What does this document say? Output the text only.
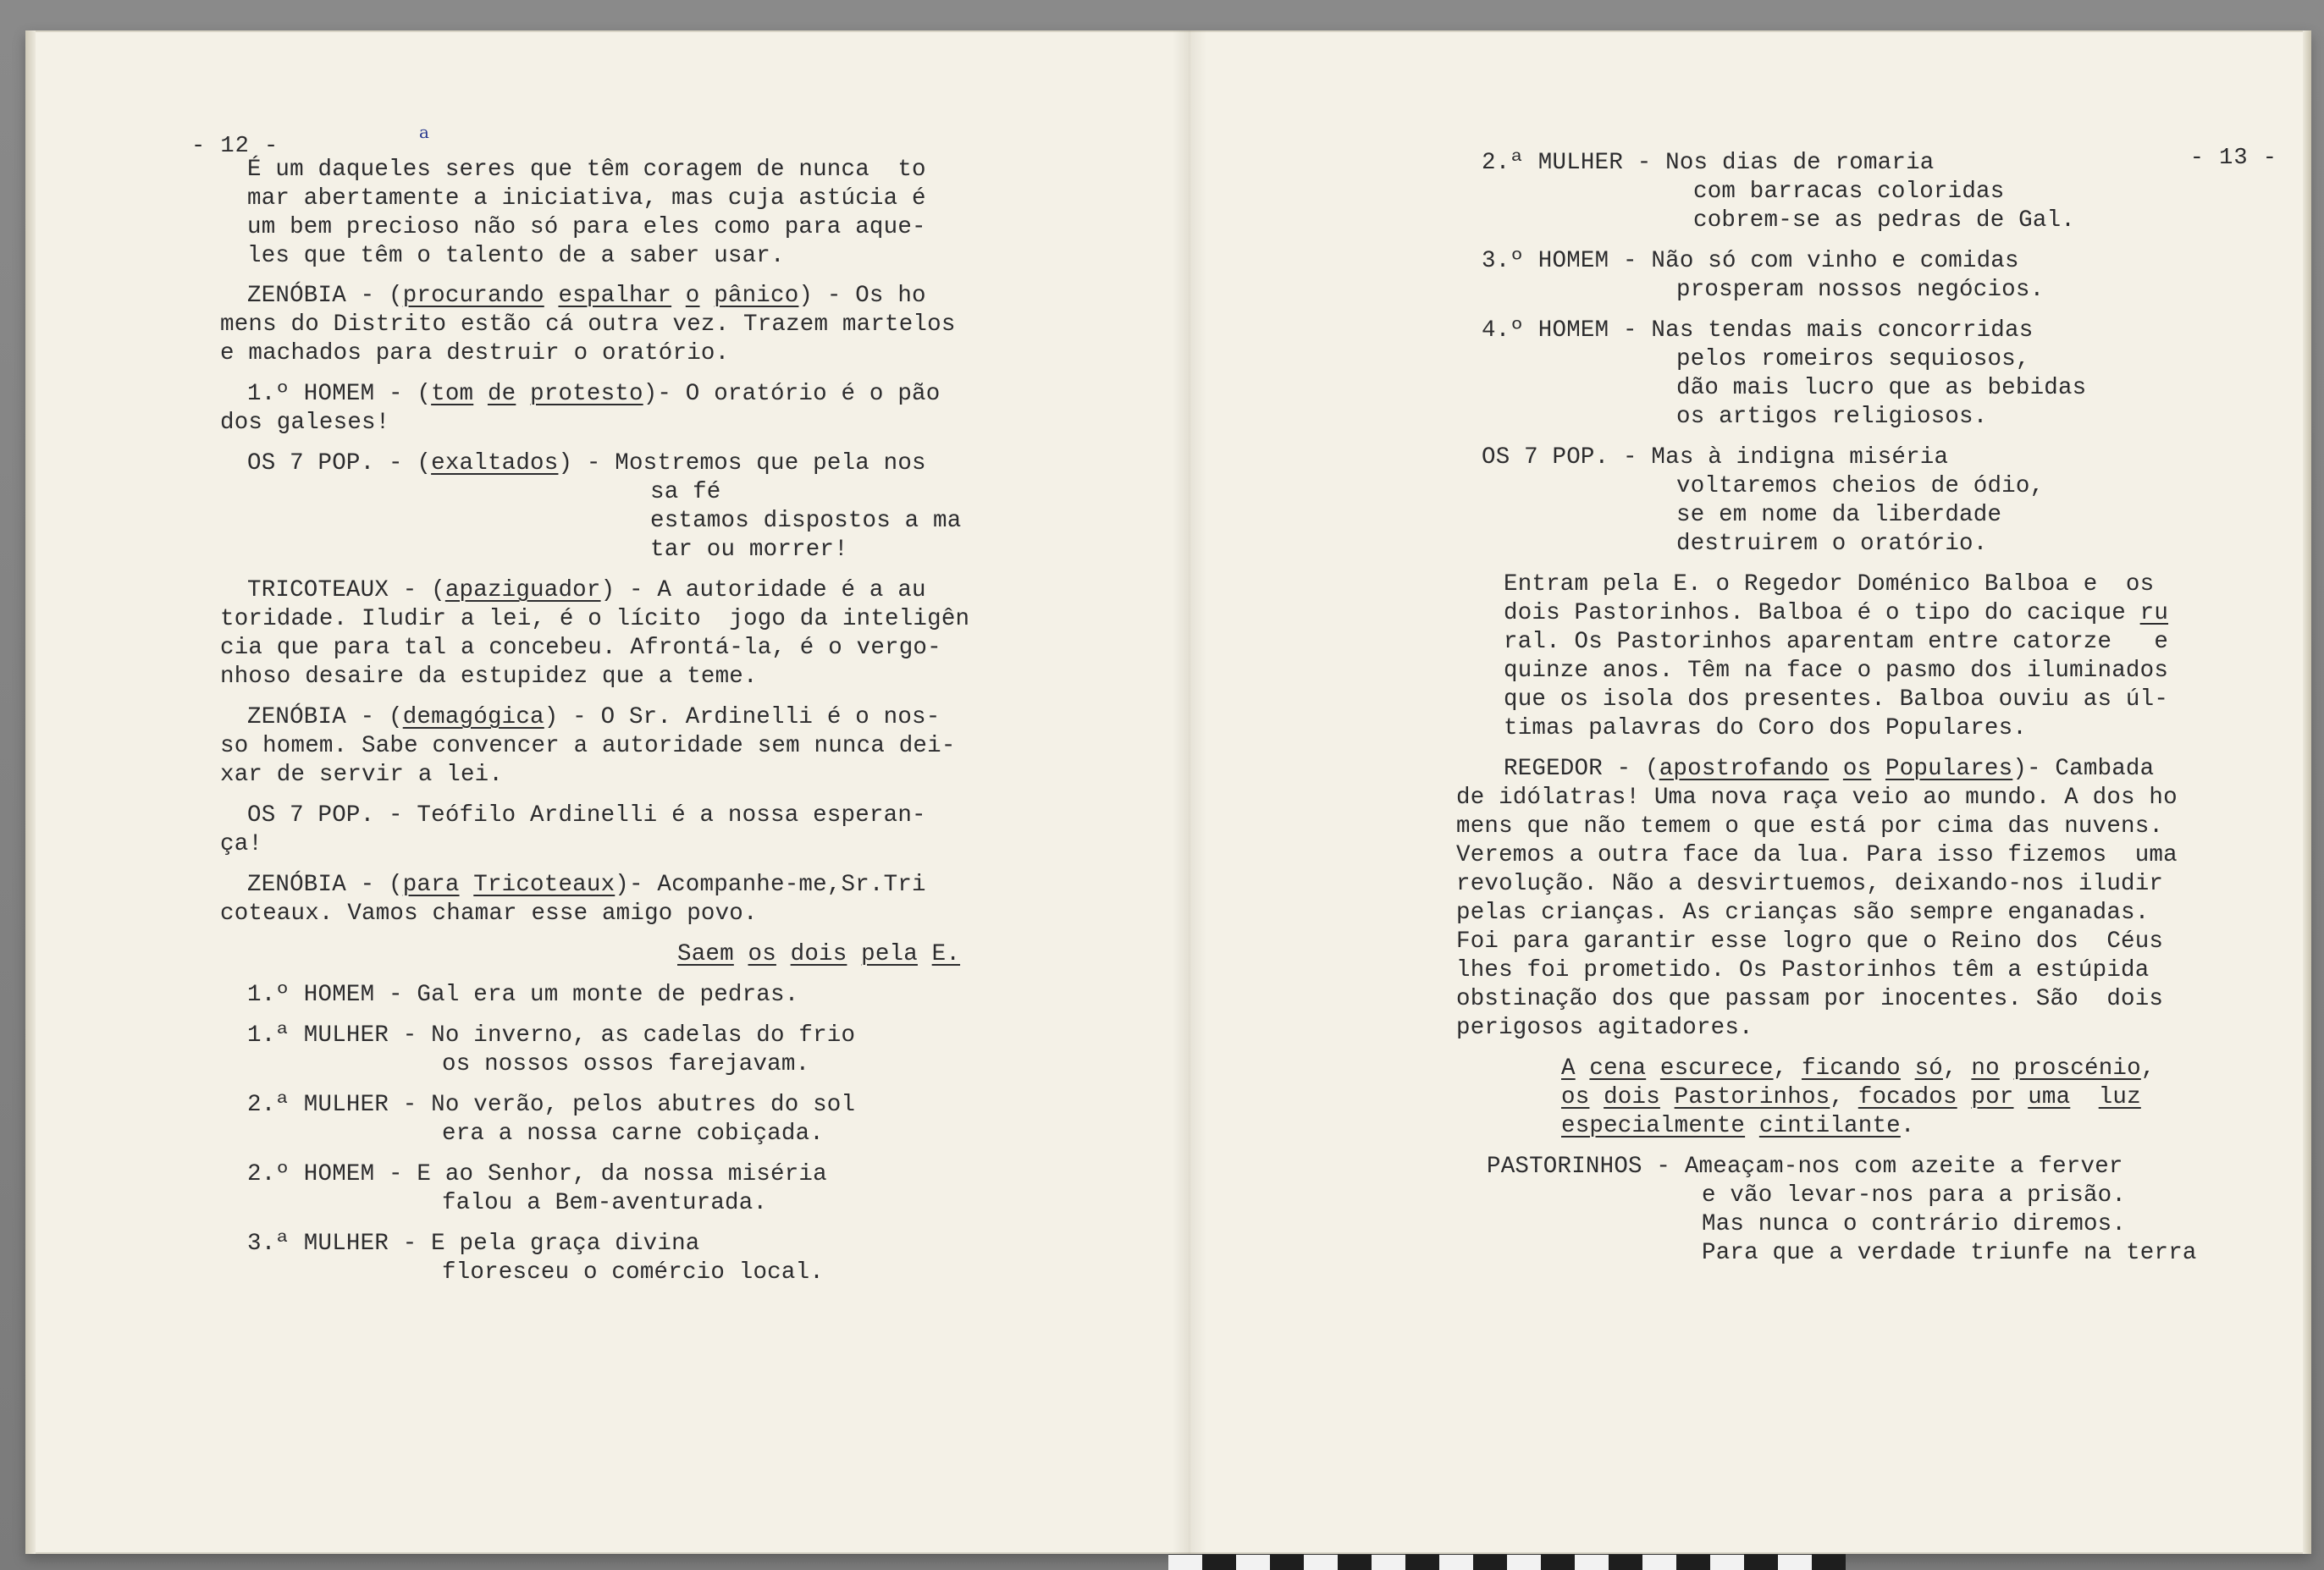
- 12 -
a
É um daqueles seres que têm coragem de nunca  to
mar abertamente a iniciativa, mas cuja astúcia é
um bem precioso não só para eles como para aque-
les que têm o talento de a saber usar.
ZENÓBIA - (procurando espalhar o pânico) - Os ho
mens do Distrito estão cá outra vez. Trazem martelos
e machados para destruir o oratório.
1.º HOMEM - (tom de protesto)- O oratório é o pão
dos galeses!
OS 7 POP. - (exaltados) - Mostremos que pela nos
sa fé
estamos dispostos a ma
tar ou morrer!
TRICOTEAUX - (apaziguador) - A autoridade é a au
toridade. Iludir a lei, é o lícito  jogo da inteligên
cia que para tal a concebeu. Afrontá-la, é o vergo-
nhoso desaire da estupidez que a teme.
ZENÓBIA - (demagógica) - O Sr. Ardinelli é o nos-
so homem. Sabe convencer a autoridade sem nunca dei-
xar de servir a lei.
OS 7 POP. - Teófilo Ardinelli é a nossa esperan-
ça!
ZENÓBIA - (para Tricoteaux)- Acompanhe-me,Sr.Tri
coteaux. Vamos chamar esse amigo povo.
Saem os dois pela E.
1.º HOMEM - Gal era um monte de pedras.
1.ª MULHER - No inverno, as cadelas do frio
os nossos ossos farejavam.
2.ª MULHER - No verão, pelos abutres do sol
era a nossa carne cobiçada.
2.º HOMEM - E ao Senhor, da nossa miséria
falou a Bem-aventurada.
3.ª MULHER - E pela graça divina
floresceu o comércio local.
- 13 -
2.ª MULHER - Nos dias de romaria
com barracas coloridas
cobrem-se as pedras de Gal.
3.º HOMEM - Não só com vinho e comidas
prosperam nossos negócios.
4.º HOMEM - Nas tendas mais concorridas
pelos romeiros sequiosos,
dão mais lucro que as bebidas
os artigos religiosos.
OS 7 POP. - Mas à indigna miséria
voltaremos cheios de ódio,
se em nome da liberdade
destruirem o oratório.
Entram pela E. o Regedor Doménico Balboa e  os
dois Pastorinhos. Balboa é o tipo do cacique ru
ral. Os Pastorinhos aparentam entre catorze   e
quinze anos. Têm na face o pasmo dos iluminados
que os isola dos presentes. Balboa ouviu as úl-
timas palavras do Coro dos Populares.
REGEDOR - (apostrofando os Populares)- Cambada
de idólatras! Uma nova raça veio ao mundo. A dos ho
mens que não temem o que está por cima das nuvens.
Veremos a outra face da lua. Para isso fizemos  uma
revolução. Não a desvirtuemos, deixando-nos iludir
pelas crianças. As crianças são sempre enganadas.
Foi para garantir esse logro que o Reino dos  Céus
lhes foi prometido. Os Pastorinhos têm a estúpida
obstinação dos que passam por inocentes. São  dois
perigosos agitadores.
A cena escurece, ficando só, no proscénio,
os dois Pastorinhos, focados por uma luz
especialmente cintilante.
PASTORINHOS - Ameaçam-nos com azeite a ferver
e vão levar-nos para a prisão.
Mas nunca o contrário diremos.
Para que a verdade triunfe na terra
